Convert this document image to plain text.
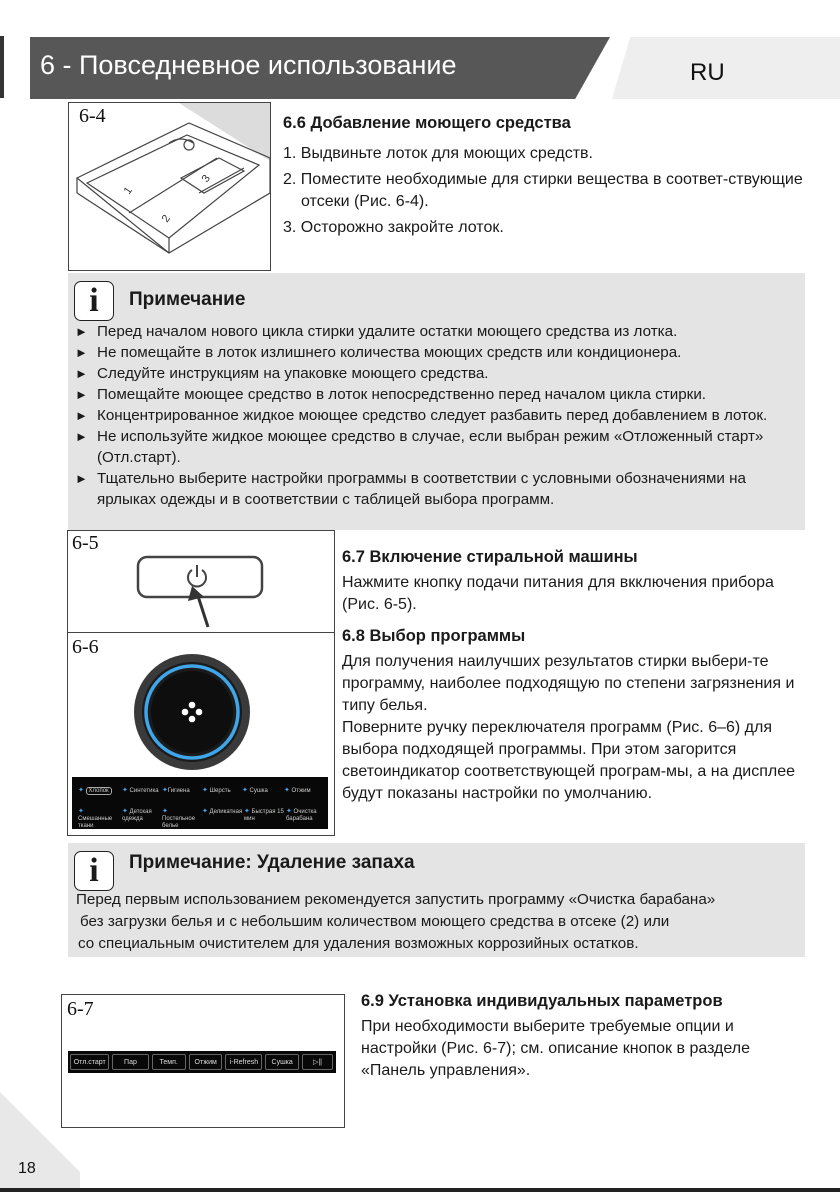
6 - Повседневное использование	RU
6-4
1
2
3
6.6 Добавление моющего средства
1. Выдвиньте лоток для моющих средств.
2. Поместите необходимые для стирки вещества в соответ-ствующие отсеки (Рис. 6-4).
3. Осторожно закройте лоток.
i	Примечание
► Перед началом нового цикла стирки удалите остатки моющего средства из лотка.
► Не помещайте в лоток излишнего количества моющих средств или кондиционера.
► Следуйте инструкциям на упаковке моющего средства.
► Помещайте моющее средство в лоток непосредственно перед началом цикла стирки.
► Концентрированное жидкое моющее средство следует разбавить перед добавлением в лоток.
► Не используйте жидкое моющее средство в случае, если выбран режим «Отложенный старт» (Отл.старт).
► Тщательно выберите настройки программы в соответствии с условными обозначениями на ярлыках одежды и в соответствии с таблицей выбора программ.
6-5
6.7 Включение стиральной машины
Нажмите кнопку подачи питания для вкключения прибора (Рис. 6-5).
6-6
✦ Хлопок	✦ Синтетика ✦Гигиена ✦ Шерсть ✦ Сушка ✦ Отжим
✦ Смешанные ткани
✦ Детская одежда
✦ Постельное белье
✦ Деликатная ✦ Быстрая 15 мин
✦ Очистка барабана
6.8 Выбор программы
Для получения наилучших результатов стирки выбери-те программу, наиболее подходящую по степени загрязнения и типу белья.
Поверните ручку переключателя программ (Рис. 6–6) для выбора подходящей программы. При этом загорится светоиндикатор соответствующей програм-мы, а на дисплее будут показаны настройки по умолчанию.
i	Примечание: Удаление запаха
Перед первым использованием рекомендуется запустить программу «Очистка барабана»
без загрузки белья и с небольшим количеством моющего средства в отсеке (2) или
со специальным очистителем для удаления возможных коррозийных остатков.
6-7
Отл.старт	Пар	Темп.	Отжим	i-Refresh	Сушка	▷||
6.9 Установка индивидуальных параметров
При необходимости выберите требуемые опции и настройки (Рис. 6-7); см. описание кнопок в разделе «Панель управления».
18
